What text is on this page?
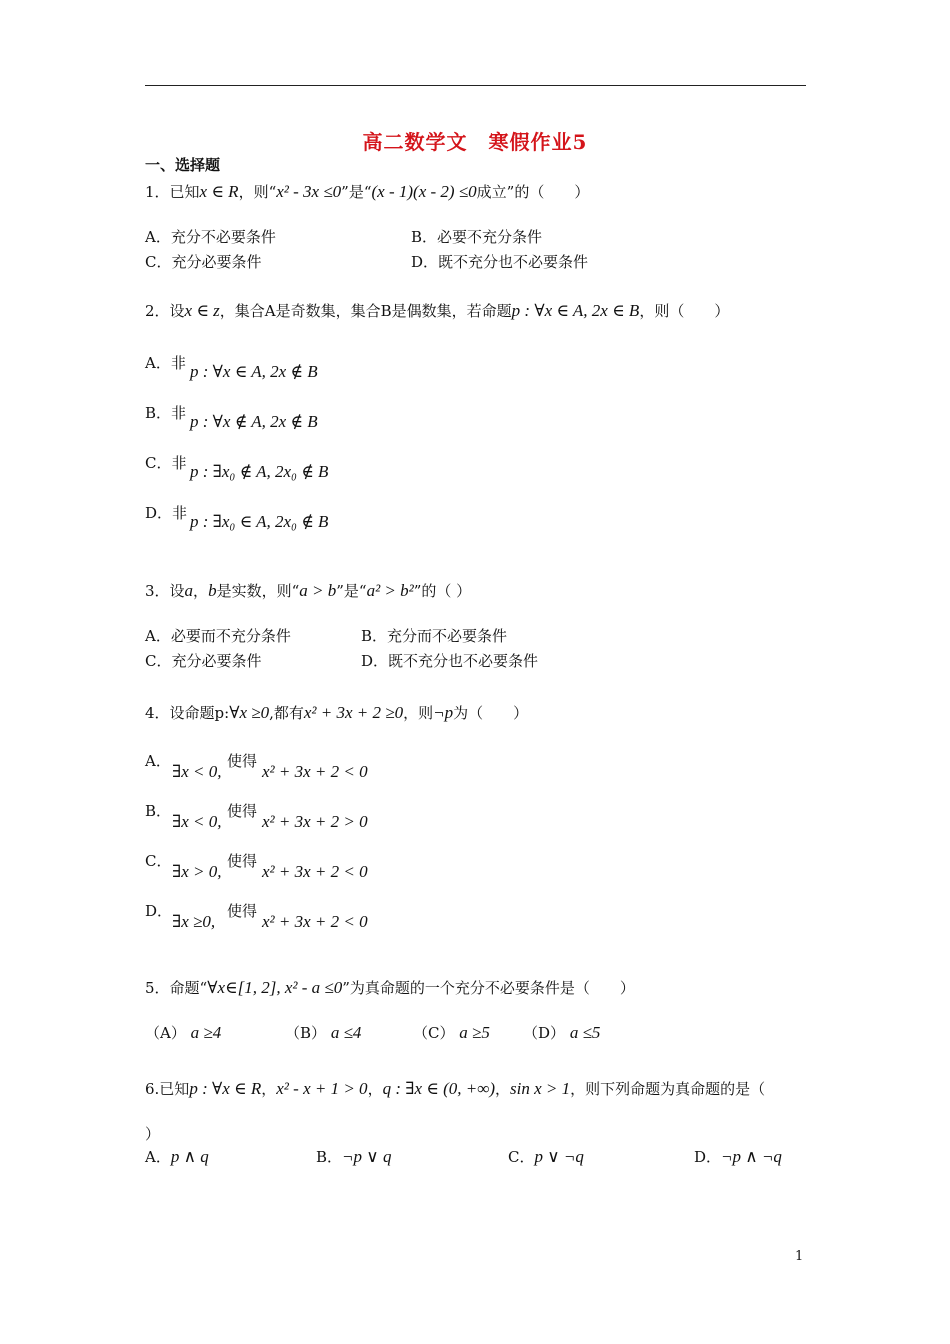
高二数学文　寒假作业5
一、选择题
1．已知x ∈ R，则“x² - 3x ≤0”是“(x - 1)(x - 2) ≤0成立”的（　　）
A．充分不必要条件	B．必要不充分条件
C．充分必要条件	D．既不充分也不必要条件
2．设x ∈ z，集合A是奇数集，集合B是偶数集，若命题p : ∀x ∈ A, 2x ∈ B，则（　　）
A．非 p : ∀x ∈ A, 2x ∉ B
B．非 p : ∀x ∉ A, 2x ∉ B
C．非 p : ∃x₀ ∉ A, 2x₀ ∉ B
D．非 p : ∃x₀ ∈ A, 2x₀ ∉ B
3．设a，b是实数，则“a > b”是“a² > b²”的（ ）
A．必要而不充分条件	B．充分而不必要条件
C．充分必要条件	D．既不充分也不必要条件
4．设命题p:∀x ≥0,都有x² + 3x + 2 ≥0，则¬p为（　　）
A．
∃x < 0,
使得
x² + 3x + 2 < 0
B．
∃x < 0,
使得
x² + 3x + 2 > 0
C．
∃x > 0,
使得
x² + 3x + 2 < 0
D．
∃x ≥0,
使得
x² + 3x + 2 < 0
5．命题“∀x∈[1, 2], x² - a ≤0”为真命题的一个充分不必要条件是（　　）
（A） a ≥4	（B） a ≤4	（C） a ≥5 （D） a ≤5
6.已知p : ∀x ∈ R，x² - x + 1 > 0，q : ∃x ∈ (0, +∞)，sin x > 1，则下列命题为真命题的是（
）
A．p ∧ q	B．¬p ∨ q	C．p ∨ ¬q	D．¬p ∧ ¬q
1
